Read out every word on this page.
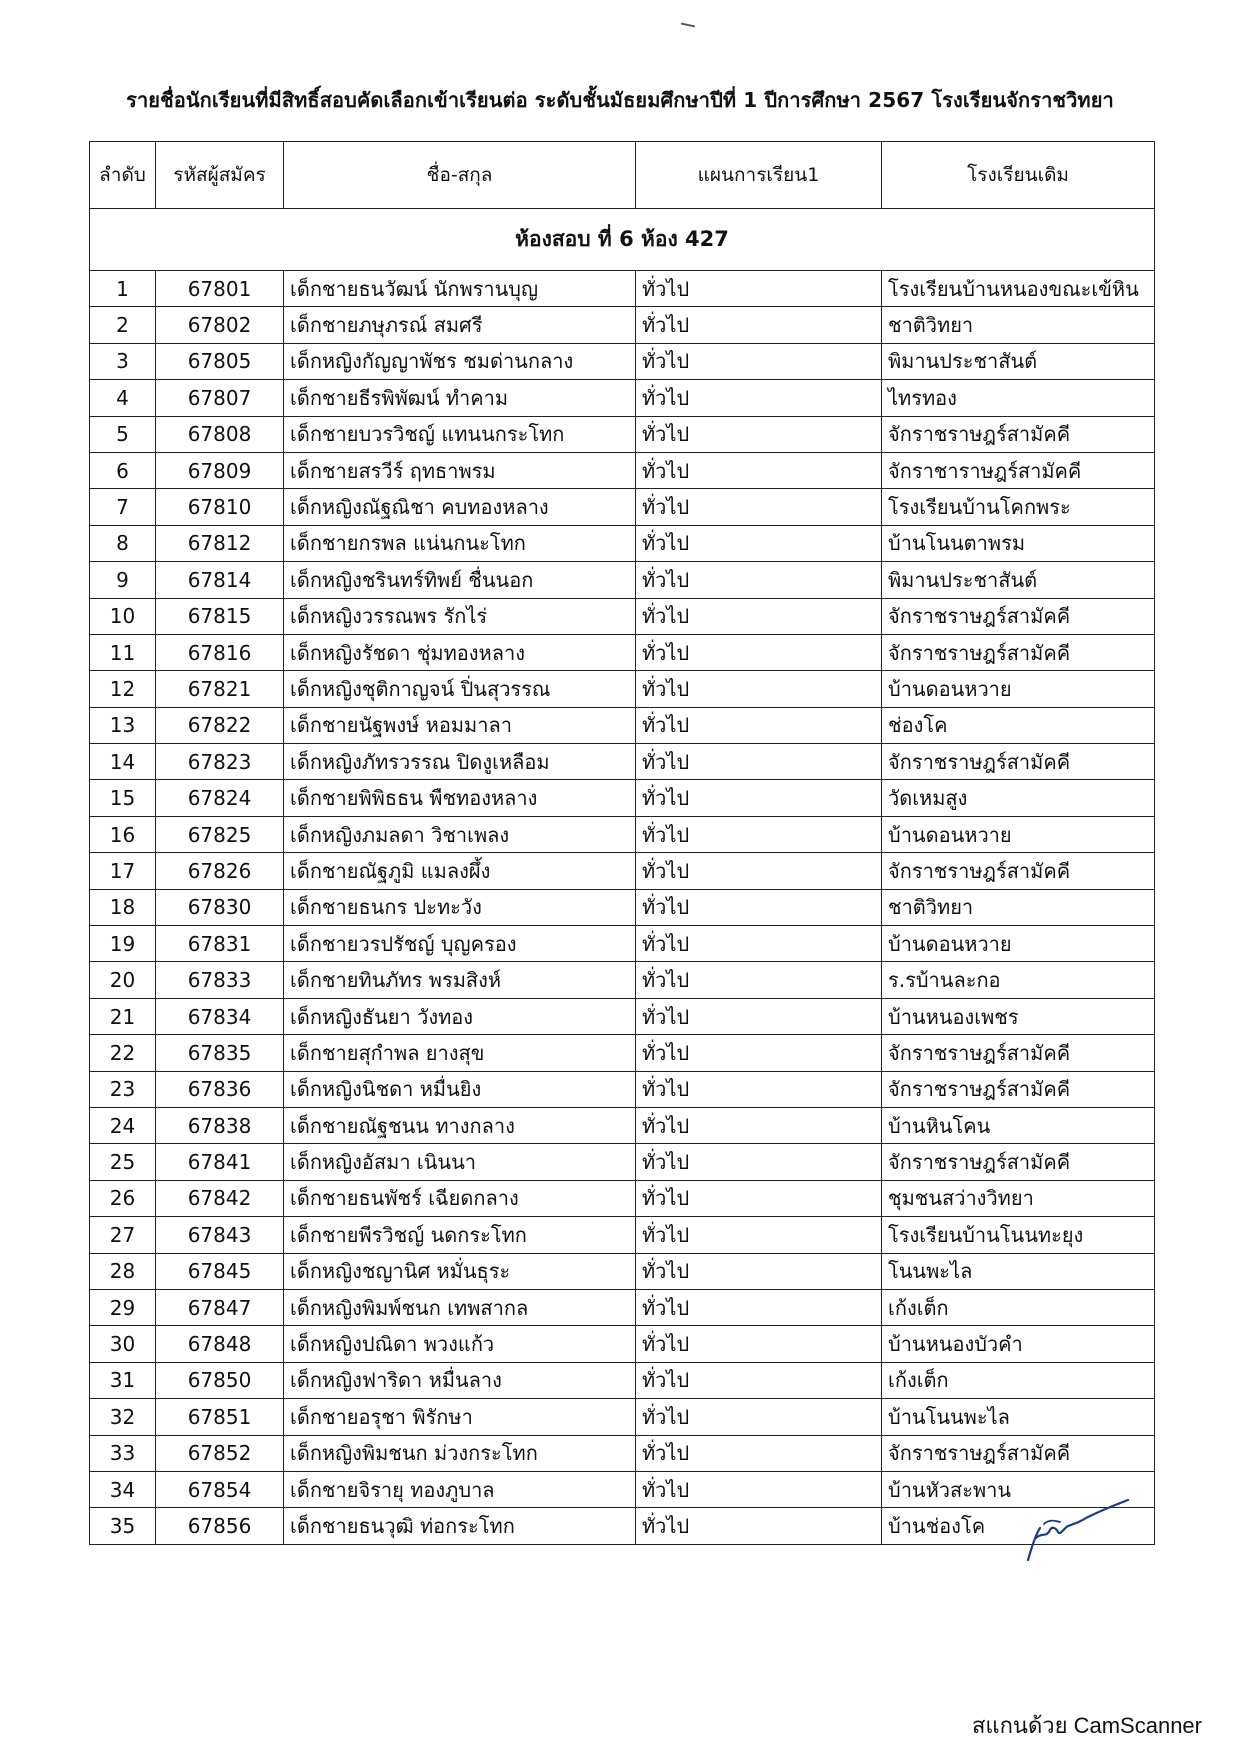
รายชื่อนักเรียนที่มีสิทธิ์สอบคัดเลือกเข้าเรียนต่อ ระดับชั้นมัธยมศึกษาปีที่ 1 ปีการศึกษา 2567 โรงเรียนจักราชวิทยา
ลำดับ	รหัสผู้สมัคร	ชื่อ-สกุล	แผนการเรียน1	โรงเรียนเดิม
ห้องสอบ ที่ 6 ห้อง 427				
1	67801	เด็กชายธนวัฒน์ นักพรานบุญ	ทั่วไป	โรงเรียนบ้านหนองขณะเข้หิน
2	67802	เด็กชายภษุภรณ์ สมศรี	ทั่วไป	ชาติวิทยา
3	67805	เด็กหญิงกัญญาพัชร ชมด่านกลาง	ทั่วไป	พิมานประชาสันต์
4	67807	เด็กชายธีรพิพัฒน์ ทำคาม	ทั่วไป	ไทรทอง
5	67808	เด็กชายบวรวิชญ์ แทนนกระโทก	ทั่วไป	จักราชราษฎร์สามัคคี
6	67809	เด็กชายสรวีร์ ฤทธาพรม	ทั่วไป	จักราชาราษฎร์สามัคคี
7	67810	เด็กหญิงณัฐณิชา คบทองหลาง	ทั่วไป	โรงเรียนบ้านโคกพระ
8	67812	เด็กชายกรพล แน่นกนะโทก	ทั่วไป	บ้านโนนตาพรม
9	67814	เด็กหญิงชรินทร์ทิพย์ ชื่นนอก	ทั่วไป	พิมานประชาสันต์
10	67815	เด็กหญิงวรรณพร รักไร่	ทั่วไป	จักราชราษฎร์สามัคคี
11	67816	เด็กหญิงรัชดา ชุ่มทองหลาง	ทั่วไป	จักราชราษฎร์สามัคคี
12	67821	เด็กหญิงชุติกาญจน์ ปิ่นสุวรรณ	ทั่วไป	บ้านดอนหวาย
13	67822	เด็กชายนัฐพงษ์ หอมมาลา	ทั่วไป	ช่องโค
14	67823	เด็กหญิงภัทรวรรณ ปิดงูเหลือม	ทั่วไป	จักราชราษฎร์สามัคคี
15	67824	เด็กชายพิพิธธน พืชทองหลาง	ทั่วไป	วัดเหมสูง
16	67825	เด็กหญิงภมลดา วิชาเพลง	ทั่วไป	บ้านดอนหวาย
17	67826	เด็กชายณัฐภูมิ แมลงผึ้ง	ทั่วไป	จักราชราษฎร์สามัคคี
18	67830	เด็กชายธนกร ปะทะวัง	ทั่วไป	ชาติวิทยา
19	67831	เด็กชายวรปรัชญ์ บุญครอง	ทั่วไป	บ้านดอนหวาย
20	67833	เด็กชายทินภัทร พรมสิงห์	ทั่วไป	ร.รบ้านละกอ
21	67834	เด็กหญิงธันยา วังทอง	ทั่วไป	บ้านหนองเพชร
22	67835	เด็กชายสุกำพล ยางสุข	ทั่วไป	จักราชราษฎร์สามัคคี
23	67836	เด็กหญิงนิชดา หมื่นยิง	ทั่วไป	จักราชราษฎร์สามัคคี
24	67838	เด็กชายณัฐชนน ทางกลาง	ทั่วไป	บ้านหินโคน
25	67841	เด็กหญิงอัสมา เนินนา	ทั่วไป	จักราชราษฎร์สามัคคี
26	67842	เด็กชายธนพัชร์ เฉียดกลาง	ทั่วไป	ชุมชนสว่างวิทยา
27	67843	เด็กชายพีรวิชญ์ นดกระโทก	ทั่วไป	โรงเรียนบ้านโนนทะยุง
28	67845	เด็กหญิงชญานิศ หมั่นธุระ	ทั่วไป	โนนพะไล
29	67847	เด็กหญิงพิมพ์ชนก เทพสากล	ทั่วไป	เก้งเต็ก
30	67848	เด็กหญิงปณิดา พวงแก้ว	ทั่วไป	บ้านหนองบัวคำ
31	67850	เด็กหญิงฟาริดา หมื่นลาง	ทั่วไป	เก้งเต็ก
32	67851	เด็กชายอรุชา พิรักษา	ทั่วไป	บ้านโนนพะไล
33	67852	เด็กหญิงพิมชนก ม่วงกระโทก	ทั่วไป	จักราชราษฎร์สามัคคี
34	67854	เด็กชายจิรายุ ทองภูบาล	ทั่วไป	บ้านหัวสะพาน
35	67856	เด็กชายธนวุฒิ ท่อกระโทก	ทั่วไป	บ้านช่องโค
สแกนด้วย CamScanner
